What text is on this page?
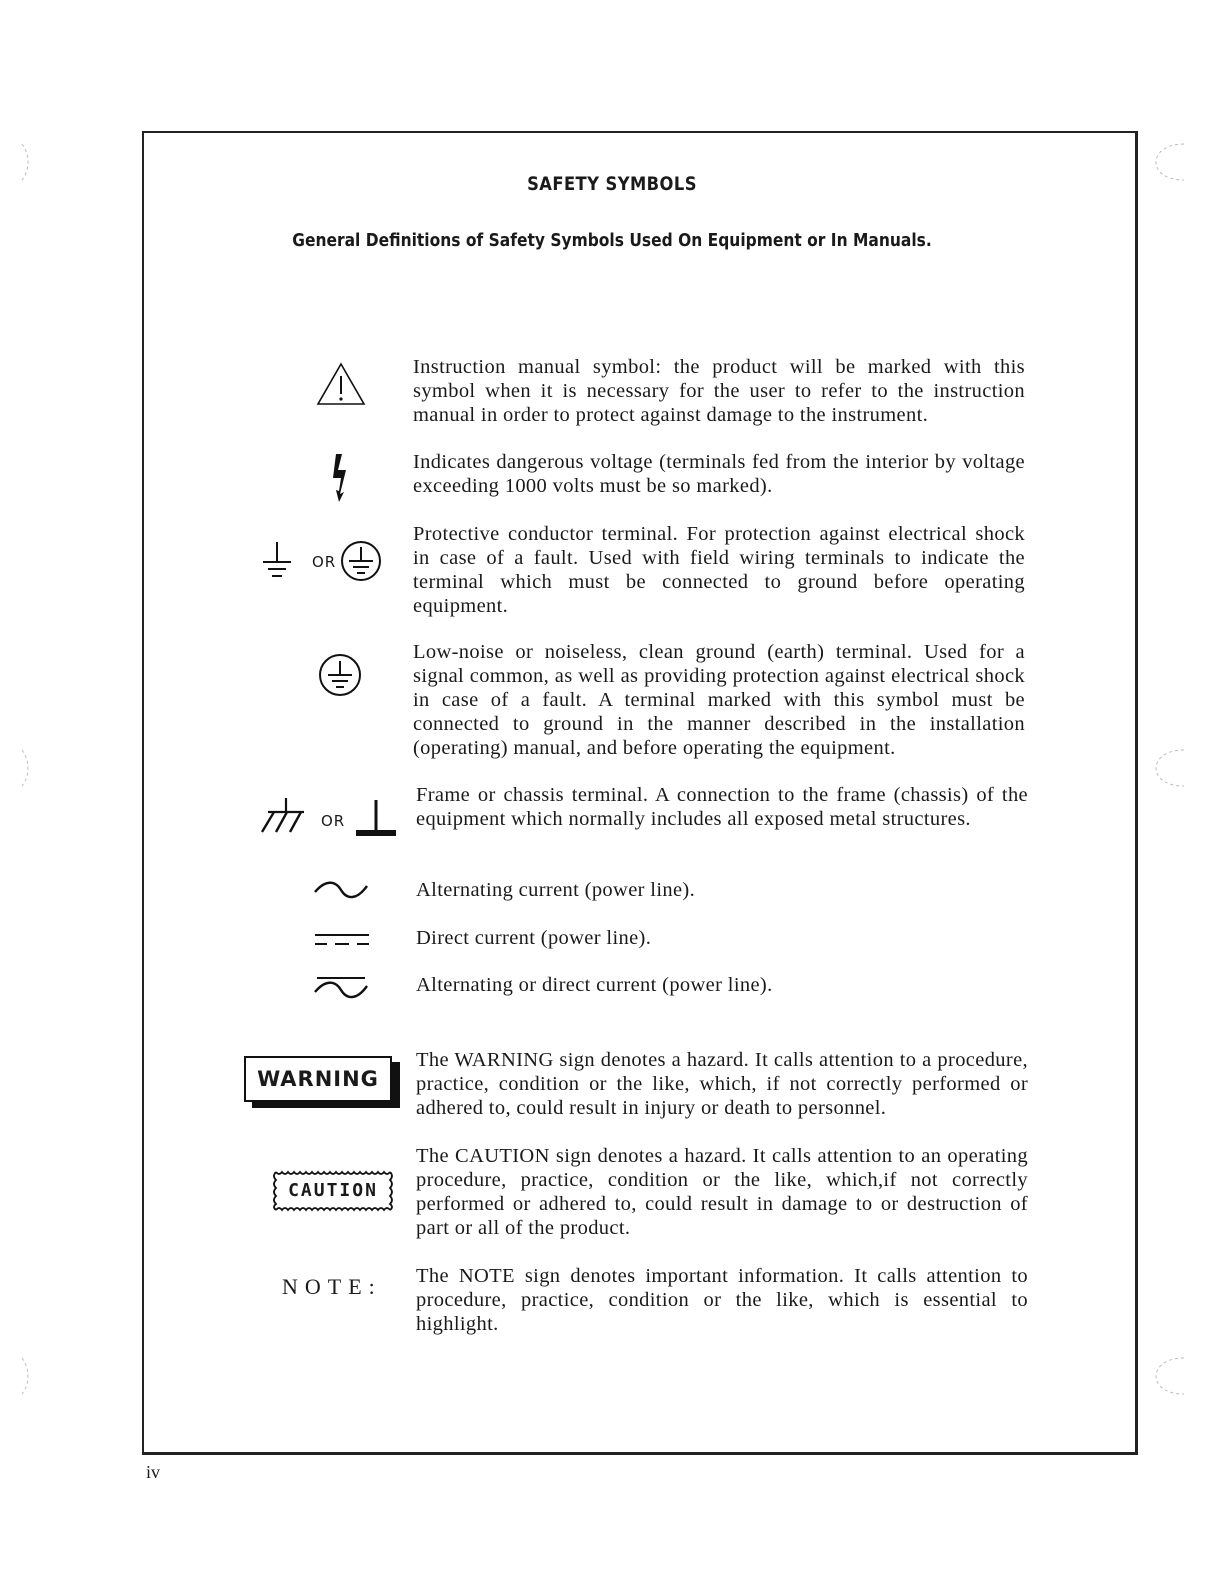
SAFETY SYMBOLS
General Definitions of Safety Symbols Used On Equipment or In Manuals.

Instruction manual symbol: the product will be marked with this symbol when it is necessary for the user to refer to the instruction manual in order to protect against damage to the instrument.

Indicates dangerous voltage (terminals fed from the interior by voltage exceeding 1000 volts must be so marked).

OR

Protective conductor terminal. For protection against electrical shock in case of a fault. Used with field wiring terminals to indicate the terminal which must be connected to ground before operating equipment.

Low-noise or noiseless, clean ground (earth) terminal. Used for a signal common, as well as providing protection against electrical shock in case of a fault. A terminal marked with this symbol must be connected to ground in the manner described in the installation (operating) manual, and before operating the equipment.

OR

Frame or chassis terminal. A connection to the frame (chassis) of the equipment which normally includes all exposed metal structures.

Alternating current (power line).

Direct current (power line).

Alternating or direct current (power line).

WARNING

The WARNING sign denotes a hazard. It calls attention to a procedure, practice, condition or the like, which, if not correctly performed or adhered to, could result in injury or death to personnel.

CAUTION

The CAUTION sign denotes a hazard. It calls attention to an operating procedure, practice, condition or the like, which,if not correctly performed or adhered to, could result in damage to or destruction of part or all of the product.

NOTE: The NOTE sign denotes important information. It calls attention to procedure, practice, condition or the like, which is essential to highlight.

iv
